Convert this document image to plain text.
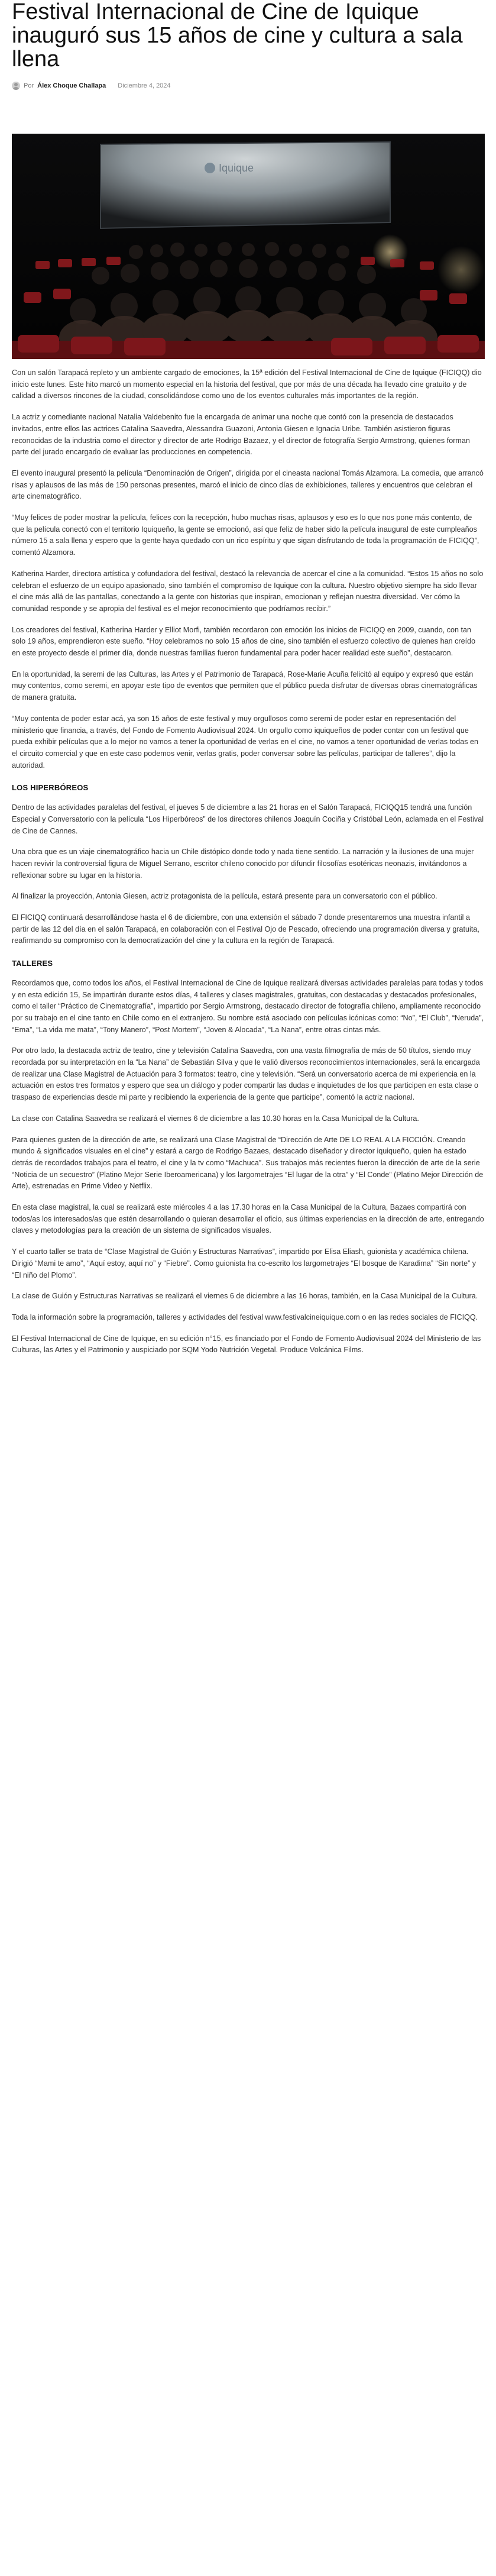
Festival Internacional de Cine de Iquique inauguró sus 15 años de cine y cultura a sala llena
Por Álex Choque Challapa Diciembre 4, 2024
Iquique

Con un salón Tarapacá repleto y un ambiente cargado de emociones, la 15ª edición del Festival Internacional de Cine de Iquique (FICIQQ) dio inicio este lunes. Este hito marcó un momento especial en la historia del festival, que por más de una década ha llevado cine gratuito y de calidad a diversos rincones de la ciudad, consolidándose como uno de los eventos culturales más importantes de la región.

La actriz y comediante nacional Natalia Valdebenito fue la encargada de animar una noche que contó con la presencia de destacados invitados, entre ellos las actrices Catalina Saavedra, Alessandra Guazoni, Antonia Giesen e Ignacia Uribe. También asistieron figuras reconocidas de la industria como el director y director de arte Rodrigo Bazaez, y el director de fotografía Sergio Armstrong, quienes forman parte del jurado encargado de evaluar las producciones en competencia.

El evento inaugural presentó la película “Denominación de Origen”, dirigida por el cineasta nacional Tomás Alzamora. La comedia, que arrancó risas y aplausos de las más de 150 personas presentes, marcó el inicio de cinco días de exhibiciones, talleres y encuentros que celebran el arte cinematográfico.

“Muy felices de poder mostrar la película, felices con la recepción, hubo muchas risas, aplausos y eso es lo que nos pone más contento, de que la película conectó con el territorio Iquiqueño, la gente se emocionó, así que feliz de haber sido la película inaugural de este cumpleaños número 15 a sala llena y espero que la gente haya quedado con un rico espíritu y que sigan disfrutando de toda la programación de FICIQQ”, comentó Alzamora.

Katherina Harder, directora artística y cofundadora del festival, destacó la relevancia de acercar el cine a la comunidad. “Estos 15 años no solo celebran el esfuerzo de un equipo apasionado, sino también el compromiso de Iquique con la cultura. Nuestro objetivo siempre ha sido llevar el cine más allá de las pantallas, conectando a la gente con historias que inspiran, emocionan y reflejan nuestra diversidad. Ver cómo la comunidad responde y se apropia del festival es el mejor reconocimiento que podríamos recibir.”

Los creadores del festival, Katherina Harder y Elliot Morfi, también recordaron con emoción los inicios de FICIQQ en 2009, cuando, con tan solo 19 años, emprendieron este sueño. “Hoy celebramos no solo 15 años de cine, sino también el esfuerzo colectivo de quienes han creído en este proyecto desde el primer día, donde nuestras familias fueron fundamental para poder hacer realidad este sueño”, destacaron.

En la oportunidad, la seremi de las Culturas, las Artes y el Patrimonio de Tarapacá, Rose-Marie Acuña felicitó al equipo y expresó que están muy contentos, como seremi, en apoyar este tipo de eventos que permiten que el público pueda disfrutar de diversas obras cinematográficas de manera gratuita.

“Muy contenta de poder estar acá, ya son 15 años de este festival y muy orgullosos como seremi de poder estar en representación del ministerio que financia, a través, del Fondo de Fomento Audiovisual 2024. Un orgullo como iquiqueños de poder contar con un festival que pueda exhibir películas que a lo mejor no vamos a tener la oportunidad de verlas en el cine, no vamos a tener oportunidad de verlas todas en el circuito comercial y que en este caso podemos venir, verlas gratis, poder conversar sobre las películas, participar de talleres”, dijo la autoridad.

LOS HIPERBÓREOS

Dentro de las actividades paralelas del festival, el jueves 5 de diciembre a las 21 horas en el Salón Tarapacá, FICIQQ15 tendrá una función Especial y Conversatorio con la película “Los Hiperbóreos” de los directores chilenos Joaquín Cociña y Cristóbal León, aclamada en el Festival de Cine de Cannes.

Una obra que es un viaje cinematográfico hacia un Chile distópico donde todo y nada tiene sentido. La narración y la ilusiones de una mujer hacen revivir la controversial figura de Miguel Serrano, escritor chileno conocido por difundir filosofías esotéricas neonazis, invitándonos a reflexionar sobre su lugar en la historia.

Al finalizar la proyección, Antonia Giesen, actriz protagonista de la película, estará presente para un conversatorio con el público.

El FICIQQ continuará desarrollándose hasta el 6 de diciembre, con una extensión el sábado 7 donde presentaremos una muestra infantil a partir de las 12 del día en el salón Tarapacá, en colaboración con el Festival Ojo de Pescado, ofreciendo una programación diversa y gratuita, reafirmando su compromiso con la democratización del cine y la cultura en la región de Tarapacá.

TALLERES

Recordamos que, como todos los años, el Festival Internacional de Cine de Iquique realizará diversas actividades paralelas para todas y todos y en esta edición 15, Se impartirán durante estos días, 4 talleres y clases magistrales, gratuitas, con destacadas y destacados profesionales, como el taller “Práctico de Cinematografía”, impartido por Sergio Armstrong, destacado director de fotografía chileno, ampliamente reconocido por su trabajo en el cine tanto en Chile como en el extranjero. Su nombre está asociado con películas icónicas como: “No”, “El Club”, “Neruda”, “Ema”, “La vida me mata”, “Tony Manero”, “Post Mortem”, “Joven & Alocada”, “La Nana”, entre otras cintas más.

Por otro lado, la destacada actriz de teatro, cine y televisión Catalina Saavedra, con una vasta filmografía de más de 50 títulos, siendo muy recordada por su interpretación en la “La Nana” de Sebastián Silva y que le valió diversos reconocimientos internacionales, será la encargada de realizar una Clase Magistral de Actuación para 3 formatos: teatro, cine y televisión. “Será un conversatorio acerca de mi experiencia en la actuación en estos tres formatos y espero que sea un diálogo y poder compartir las dudas e inquietudes de los que participen en esta clase o traspaso de experiencias desde mi parte y recibiendo la experiencia de la gente que participe”, comentó la actriz nacional.

La clase con Catalina Saavedra se realizará el viernes 6 de diciembre a las 10.30 horas en la Casa Municipal de la Cultura.

Para quienes gusten de la dirección de arte, se realizará una Clase Magistral de “Dirección de Arte DE LO REAL A LA FICCIÓN. Creando mundo & significados visuales en el cine” y estará a cargo de Rodrigo Bazaes, destacado diseñador y director iquiqueño, quien ha estado detrás de recordados trabajos para el teatro, el cine y la tv como “Machuca”. Sus trabajos más recientes fueron la dirección de arte de la serie “Noticia de un secuestro” (Platino Mejor Serie Iberoamericana) y los largometrajes “El lugar de la otra” y “El Conde” (Platino Mejor Dirección de Arte), estrenadas en Prime Video y Netflix.

En esta clase magistral, la cual se realizará este miércoles 4 a las 17.30 horas en la Casa Municipal de la Cultura, Bazaes compartirá con todos/as los interesados/as que estén desarrollando o quieran desarrollar el oficio, sus últimas experiencias en la dirección de arte, entregando claves y metodologías para la creación de un sistema de significados visuales.

Y el cuarto taller se trata de “Clase Magistral de Guión y Estructuras Narrativas”, impartido por Elisa Eliash, guionista y académica chilena. Dirigió “Mami te amo”, “Aquí estoy, aquí no” y “Fiebre”. Como guionista ha co-escrito los largometrajes “El bosque de Karadima” “Sin norte” y “El niño del Plomo”.

La clase de Guión y Estructuras Narrativas se realizará el viernes 6 de diciembre a las 16 horas, también, en la Casa Municipal de la Cultura.

Toda la información sobre la programación, talleres y actividades del festival www.festivalcineiquique.com o en las redes sociales de FICIQQ.

El Festival Internacional de Cine de Iquique, en su edición n°15, es financiado por el Fondo de Fomento Audiovisual 2024 del Ministerio de las Culturas, las Artes y el Patrimonio y auspiciado por SQM Yodo Nutrición Vegetal. Produce Volcánica Films.
